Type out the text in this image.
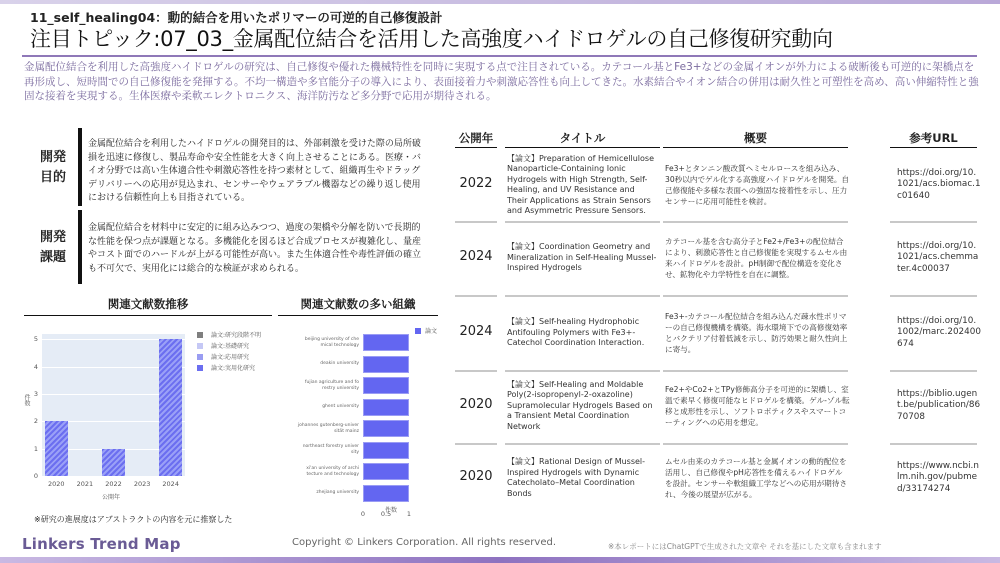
11_self_healing04：動的結合を用いたポリマーの可逆的自己修復設計
注目トピック:07_03_金属配位結合を活用した高強度ハイドロゲルの自己修復研究動向
金属配位結合を利用した高強度ハイドロゲルの研究は、自己修復や優れた機械特性を同時に実現する点で注目されている。カテコール基とFe3+などの金属イオンが外力による破断後も可逆的に架橋点を再形成し、短時間での自己修復能を発揮する。不均一構造や多官能分子の導入により、表面接着力や刺激応答性も向上してきた。水素結合やイオン結合の併用は耐久性と可塑性を高め、高い伸縮特性と強固な接着を実現する。生体医療や柔軟エレクトロニクス、海洋防汚など多分野で応用が期待される。
開発
目的
金属配位結合を利用したハイドロゲルの開発目的は、外部刺激を受けた際の局所破損を迅速に修復し、製品寿命や安全性能を大きく向上させることにある。医療・バイオ分野では高い生体適合性や刺激応答性を持つ素材として、組織再生やドラッグデリバリーへの応用が見込まれ、センサーやウェアラブル機器などの繰り返し使用における信頼性向上も目指されている。
開発
課題
金属配位結合を材料中に安定的に組み込みつつ、過度の架橋や分解を防いで長期的な性能を保つ点が課題となる。多機能化を図るほど合成プロセスが複雑化し、量産やコスト面でのハードルが上がる可能性が高い。また生体適合性や毒性評価の確立も不可欠で、実用化には総合的な検証が求められる。
関連文献数推移	関連文献数の多い組織
0
1
2
3
4
5
2020	2021	2022	2023	2024
件数
公開年
論文:研究段階不明
論文:基礎研究
論文:応用研究
論文:実用化研究
※研究の進展度はアブストラクトの内容を元に推察した
beijing university of che
mical technology
deakin university
fujian agriculture and fo
restry university
ghent university
johannes gutenberg-univer
sität mainz
northeast forestry univer
sity
xi'an university of archi
tecture and technology
zhejiang university
0	0.5	1
件数
論文
公開年	タイトル	概要	参考URL
2022
【論文】Preparation of Hemicellulose Nanoparticle-Containing Ionic Hydrogels with High Strength, Self-Healing, and UV Resistance and Their Applications as Strain Sensors and Asymmetric Pressure Sensors.
Fe3+とタンニン酸改質ヘミセルロースを組み込み、30秒以内でゲル化する高強度ハイドロゲルを開発。自己修復能や多様な表面への強固な接着性を示し、圧力センサーに応用可能性を検討。
https://doi.org/10.1021/acs.biomac.1c01640
2024
【論文】Coordination Geometry and Mineralization in Self-Healing Mussel-Inspired Hydrogels
カテコール基を含む高分子とFe2+/Fe3+の配位結合により、刺激応答性と自己修復能を実現するムセル由来ハイドロゲルを設計。pH制御で配位構造を変化させ、鉱物化や力学特性を自在に調整。
https://doi.org/10.1021/acs.chemmater.4c00037
2024
【論文】Self-healing Hydrophobic Antifouling Polymers with Fe3+-Catechol Coordination Interaction.
Fe3+-カテコール配位結合を組み込んだ疎水性ポリマーの自己修復機構を構築。海水環境下での高修復効率とバクテリア付着低減を示し、防汚効果と耐久性向上に寄与。
https://doi.org/10.1002/marc.202400674
2020
【論文】Self-Healing and Moldable Poly(2-isopropenyl-2-oxazoline) Supramolecular Hydrogels Based on a Transient Metal Coordination Network
Fe2+やCo2+とTPy修飾高分子を可逆的に架橋し、室温で素早く修復可能なヒドロゲルを構築。ゲル-ゾル転移と成形性を示し、ソフトロボティクスやスマートコーティングへの応用を想定。
https://biblio.ugent.be/publication/8670708
2020
【論文】Rational Design of Mussel-Inspired Hydrogels with Dynamic Catecholato–Metal Coordination Bonds
ムセル由来のカテコール基と金属イオンの動的配位を活用し、自己修復やpH応答性を備えるハイドロゲルを設計。センサーや軟組織工学などへの応用が期待され、今後の展望が広がる。
https://www.ncbi.nlm.nih.gov/pubmed/33174274
Linkers Trend Map	Copyright © Linkers Corporation. All rights reserved.	※本レポートにはChatGPTで生成された文章や それを基にした文章も含まれます
